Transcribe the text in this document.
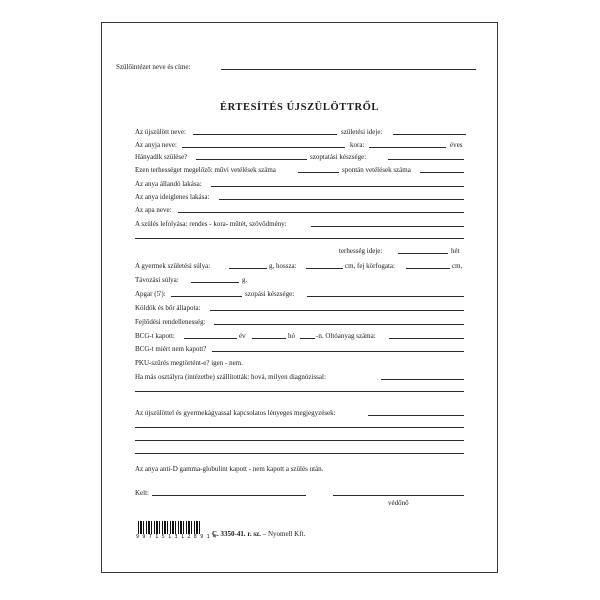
Szülőintézet neve és címe:
ÉRTESÍTÉS ÚJSZÜLÖTTRŐL
Az újszülött neve:	születési ideje:
Az anyja neve:	kora:	éves
Hányadik szülése?	szoptatási készsége:
Ezen terhességet megelőző: művi vetélések száma	spontán vetélések száma
Az anya állandó lakása:
Az anya ideiglenes lakása:
Az apa neve:
A szülés lefolyása: rendes - kora- műtét, szövődmény:
terhesség ideje:	hét
A gyermek születési súlya:	g, hossza:	cm, fej körfogata:	cm,
Távozási súlya:	g.
Apgar (5'):	szopási készsége:
Köldök és bőr állapota:
Fejlődési rendellenesség:
BCG-t kapott:	év	hó	-n. Oltóanyag száma:
BCG-t miért nem kapott?
PKU-szűrés megtörtént-e? igen - nem.
Ha más osztályra (intézetbe) szállították: hová, milyen diagnózissal:
Az újszülöttel és gyermekágyassal kapcsolatos lényeges megjegyzések:
Az anya anti-D gamma-globulint kapott - nem kapott a szülés után.
Kelt:
védőnő
9 9 7 1 5 1 3 1 2 8 9 1 4
C. 3350-41. r. sz. – Nyomell Kft.
